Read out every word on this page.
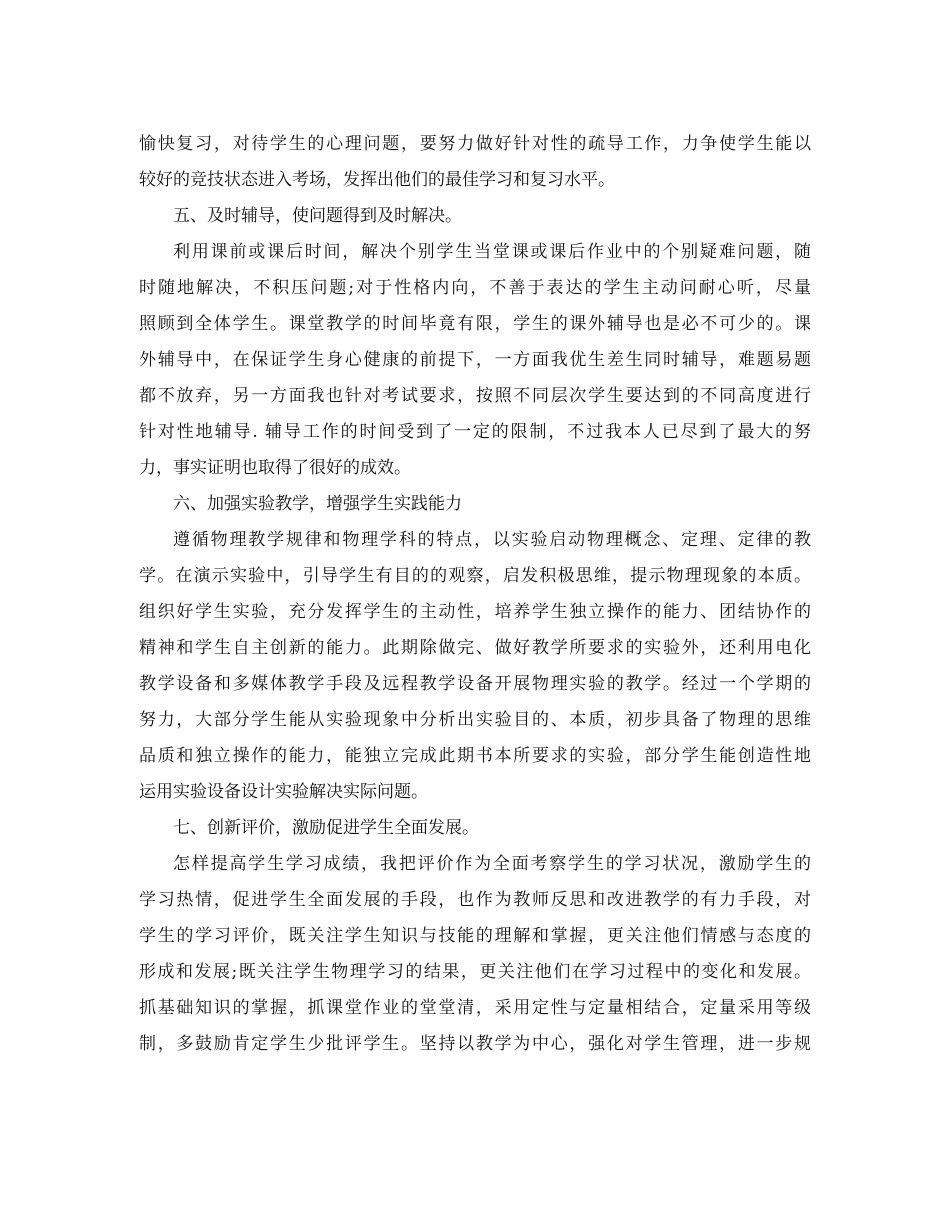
愉快复习，对待学生的心理问题，要努力做好针对性的疏导工作，力争使学生能以
较好的竞技状态进入考场，发挥出他们的最佳学习和复习水平。
五、及时辅导，使问题得到及时解决。
利用课前或课后时间，解决个别学生当堂课或课后作业中的个别疑难问题，随
时随地解决，不积压问题;对于性格内向，不善于表达的学生主动问耐心听，尽量
照顾到全体学生。课堂教学的时间毕竟有限，学生的课外辅导也是必不可少的。课
外辅导中，在保证学生身心健康的前提下，一方面我优生差生同时辅导，难题易题
都不放弃，另一方面我也针对考试要求，按照不同层次学生要达到的不同高度进行
针对性地辅导. 辅导工作的时间受到了一定的限制，不过我本人已尽到了最大的努
力，事实证明也取得了很好的成效。
六、加强实验教学，增强学生实践能力
遵循物理教学规律和物理学科的特点，以实验启动物理概念、定理、定律的教
学。在演示实验中，引导学生有目的的观察，启发积极思维，提示物理现象的本质。
组织好学生实验，充分发挥学生的主动性，培养学生独立操作的能力、团结协作的
精神和学生自主创新的能力。此期除做完、做好教学所要求的实验外，还利用电化
教学设备和多媒体教学手段及远程教学设备开展物理实验的教学。经过一个学期的
努力，大部分学生能从实验现象中分析出实验目的、本质，初步具备了物理的思维
品质和独立操作的能力，能独立完成此期书本所要求的实验，部分学生能创造性地
运用实验设备设计实验解决实际问题。
七、创新评价，激励促进学生全面发展。
怎样提高学生学习成绩，我把评价作为全面考察学生的学习状况，激励学生的
学习热情，促进学生全面发展的手段，也作为教师反思和改进教学的有力手段，对
学生的学习评价，既关注学生知识与技能的理解和掌握，更关注他们情感与态度的
形成和发展;既关注学生物理学习的结果，更关注他们在学习过程中的变化和发展。
抓基础知识的掌握，抓课堂作业的堂堂清，采用定性与定量相结合，定量采用等级
制，多鼓励肯定学生少批评学生。坚持以教学为中心，强化对学生管理，进一步规
